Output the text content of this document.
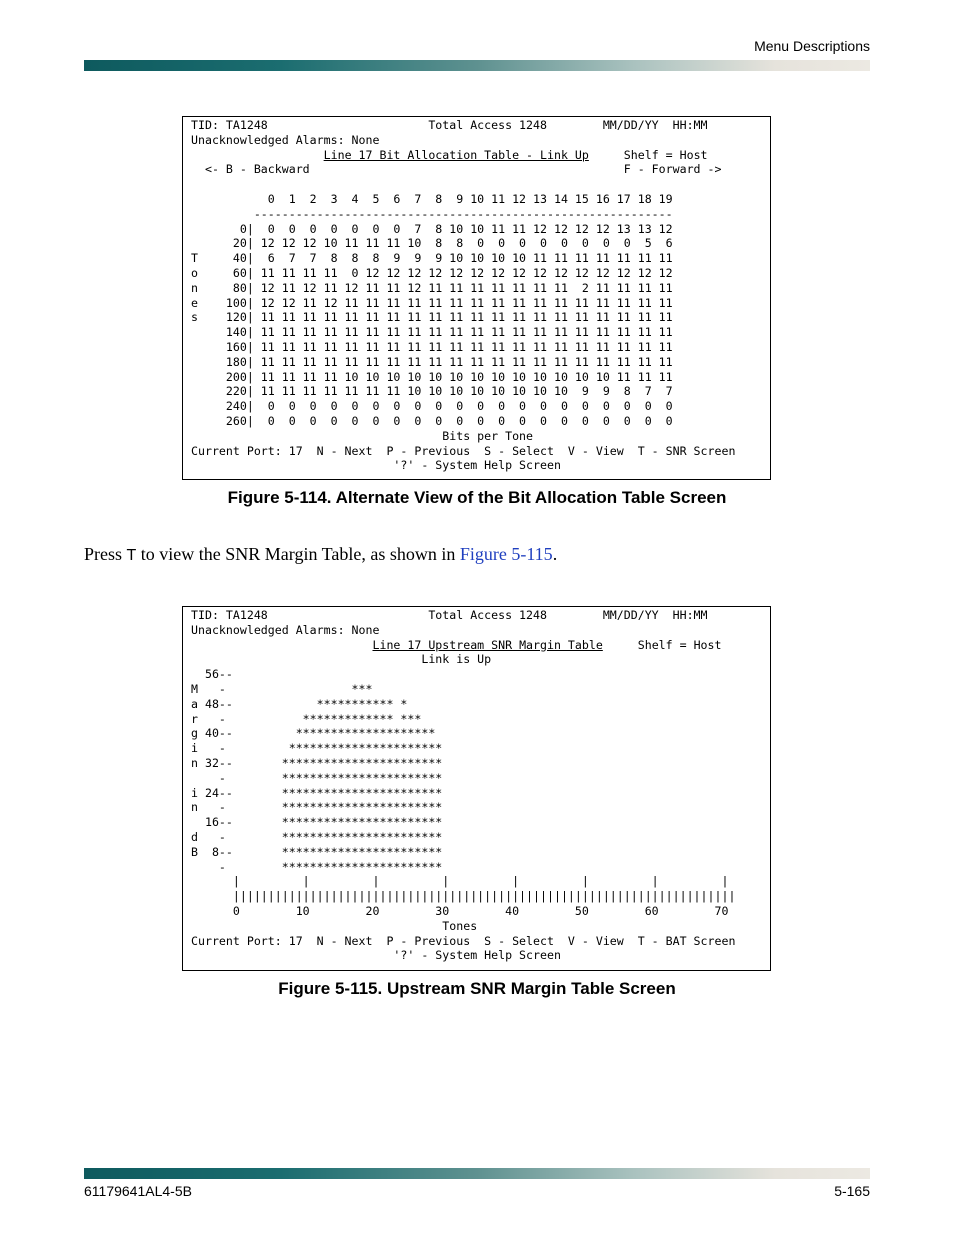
Menu Descriptions
TID: TA1248                       Total Access 1248        MM/DD/YY  HH:MM
Unacknowledged Alarms: None
Line 17 Bit Allocation Table - Link Up     Shelf = Host
<- B - Backward                                             F - Forward ->

0  1  2  3  4  5  6  7  8  9 10 11 12 13 14 15 16 17 18 19
------------------------------------------------------------
0|  0  0  0  0  0  0  0  7  8 10 10 11 11 12 12 12 12 13 13 12
20| 12 12 12 10 11 11 11 10  8  8  0  0  0  0  0  0  0  0  5  6
T     40|  6  7  7  8  8  8  9  9  9 10 10 10 10 11 11 11 11 11 11 11
o     60| 11 11 11 11  0 12 12 12 12 12 12 12 12 12 12 12 12 12 12 12
n     80| 12 11 12 11 12 11 11 12 11 11 11 11 11 11 11  2 11 11 11 11
e    100| 12 12 11 12 11 11 11 11 11 11 11 11 11 11 11 11 11 11 11 11
s    120| 11 11 11 11 11 11 11 11 11 11 11 11 11 11 11 11 11 11 11 11
140| 11 11 11 11 11 11 11 11 11 11 11 11 11 11 11 11 11 11 11 11
160| 11 11 11 11 11 11 11 11 11 11 11 11 11 11 11 11 11 11 11 11
180| 11 11 11 11 11 11 11 11 11 11 11 11 11 11 11 11 11 11 11 11
200| 11 11 11 11 10 10 10 10 10 10 10 10 10 10 10 10 10 11 11 11
220| 11 11 11 11 11 11 11 10 10 10 10 10 10 10 10  9  9  8  7  7
240|  0  0  0  0  0  0  0  0  0  0  0  0  0  0  0  0  0  0  0  0
260|  0  0  0  0  0  0  0  0  0  0  0  0  0  0  0  0  0  0  0  0
Bits per Tone
Current Port: 17  N - Next  P - Previous  S - Select  V - View  T - SNR Screen
'?' - System Help Screen
Figure 5-114. Alternate View of the Bit Allocation Table Screen
Press T to view the SNR Margin Table, as shown in Figure 5-115.
TID: TA1248                       Total Access 1248        MM/DD/YY  HH:MM
Unacknowledged Alarms: None
Line 17 Upstream SNR Margin Table     Shelf = Host
Link is Up
56--
M   -                  ***
a 48--            *********** *
r   -           ************* ***
g 40--         ********************
i   -         **********************
n 32--       ***********************
-        ***********************
i 24--       ***********************
n   -        ***********************
16--       ***********************
d   -        ***********************
B  8--       ***********************
-        ***********************
|         |         |         |         |         |         |         |
||||||||||||||||||||||||||||||||||||||||||||||||||||||||||||||||||||||||
0        10        20        30        40        50        60        70
Tones
Current Port: 17  N - Next  P - Previous  S - Select  V - View  T - BAT Screen
'?' - System Help Screen
Figure 5-115. Upstream SNR Margin Table Screen
61179641AL4-5B	5-165
